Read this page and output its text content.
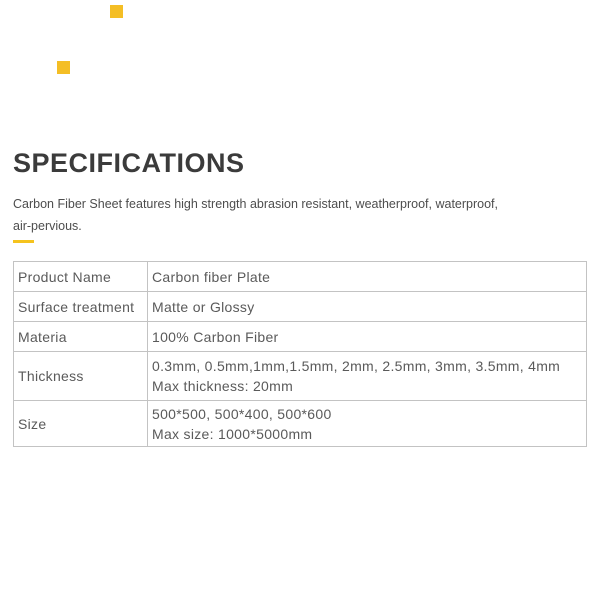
SPECIFICATIONS

Carbon Fiber Sheet features high strength abrasion resistant, weatherproof, waterproof,
air-pervious.

Product Name	Carbon fiber Plate

Surface treatment	Matte or Glossy

Materia	100% Carbon Fiber

Thickness	0.3mm, 0.5mm,1mm,1.5mm, 2mm, 2.5mm, 3mm, 3.5mm, 4mm
Max thickness: 20mm

Size	500*500, 500*400, 500*600
Max size: 1000*5000mm
